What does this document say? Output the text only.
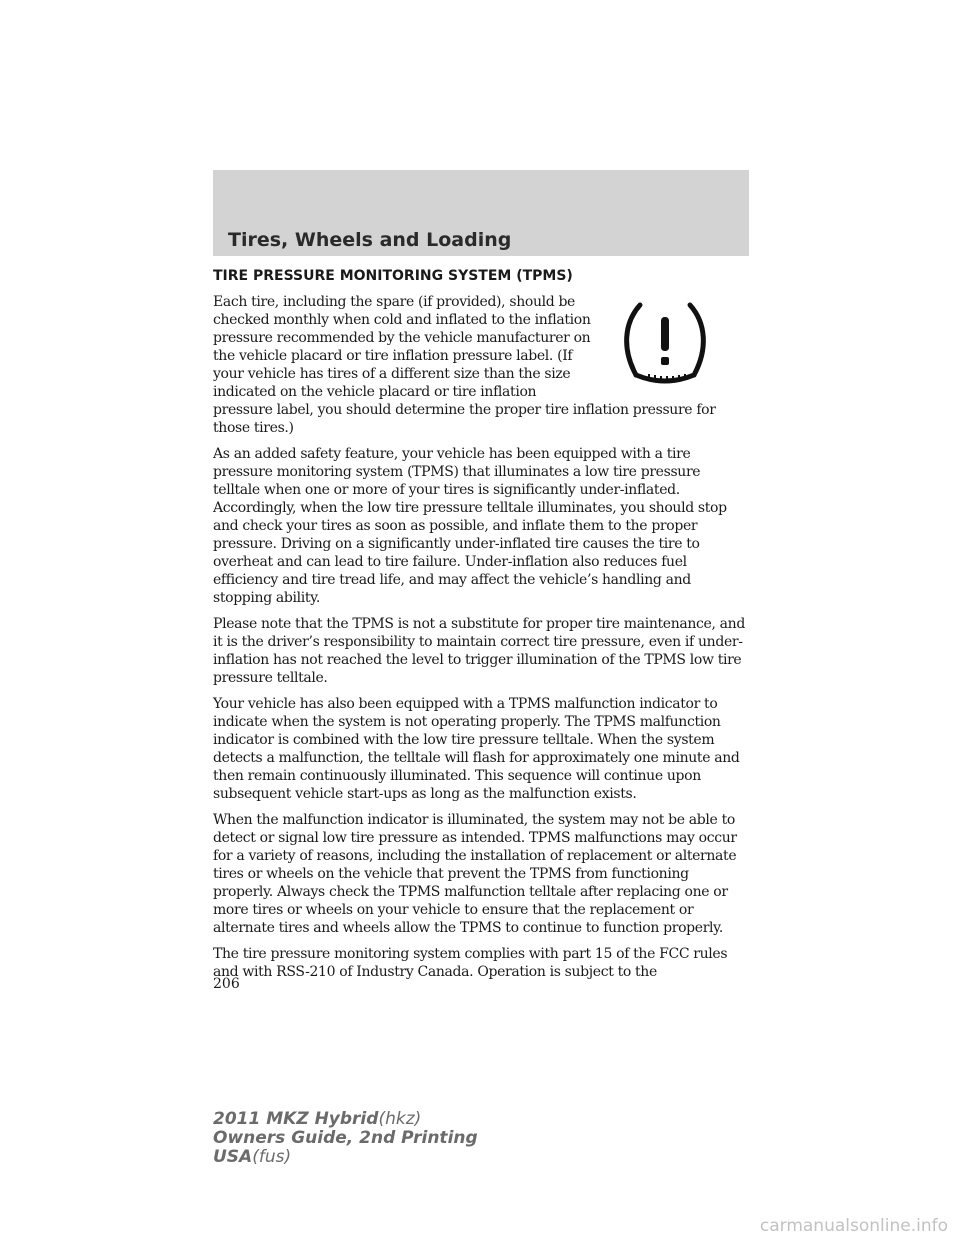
Tires, Wheels and Loading
TIRE PRESSURE MONITORING SYSTEM (TPMS)

Each tire, including the spare (if provided), should be checked monthly when cold and inflated to the inflation pressure recommended by the vehicle manufacturer on the vehicle placard or tire inflation pressure label. (If your vehicle has tires of a different size than the size indicated on the vehicle placard or tire inflation pressure label, you should determine the proper tire inflation pressure for those tires.)

As an added safety feature, your vehicle has been equipped with a tire pressure monitoring system (TPMS) that illuminates a low tire pressure telltale when one or more of your tires is significantly under-inflated. Accordingly, when the low tire pressure telltale illuminates, you should stop and check your tires as soon as possible, and inflate them to the proper pressure. Driving on a significantly under-inflated tire causes the tire to overheat and can lead to tire failure. Under-inflation also reduces fuel efficiency and tire tread life, and may affect the vehicle’s handling and stopping ability.

Please note that the TPMS is not a substitute for proper tire maintenance, and it is the driver’s responsibility to maintain correct tire pressure, even if under-inflation has not reached the level to trigger illumination of the TPMS low tire pressure telltale.

Your vehicle has also been equipped with a TPMS malfunction indicator to indicate when the system is not operating properly. The TPMS malfunction indicator is combined with the low tire pressure telltale. When the system detects a malfunction, the telltale will flash for approximately one minute and then remain continuously illuminated. This sequence will continue upon subsequent vehicle start-ups as long as the malfunction exists.

When the malfunction indicator is illuminated, the system may not be able to detect or signal low tire pressure as intended. TPMS malfunctions may occur for a variety of reasons, including the installation of replacement or alternate tires or wheels on the vehicle that prevent the TPMS from functioning properly. Always check the TPMS malfunction telltale after replacing one or more tires or wheels on your vehicle to ensure that the replacement or alternate tires and wheels allow the TPMS to continue to function properly.

The tire pressure monitoring system complies with part 15 of the FCC rules and with RSS-210 of Industry Canada. Operation is subject to the

206

2011 MKZ Hybrid(hkz)
Owners Guide, 2nd Printing
USA(fus)
carmanualsonline.info
